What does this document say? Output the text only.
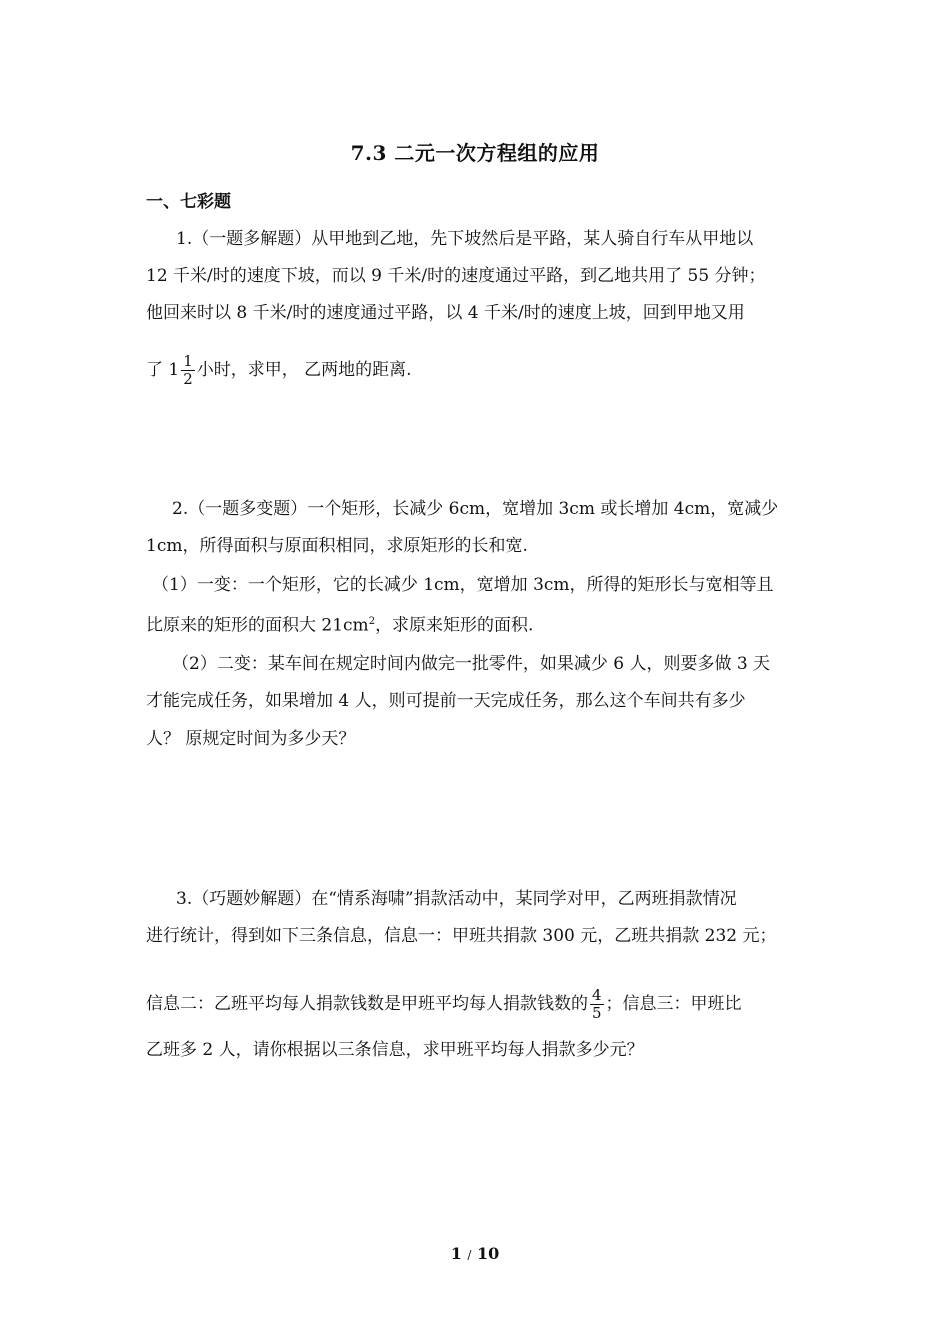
7.3 二元一次方程组的应用
一、七彩题
1.（一题多解题）从甲地到乙地，先下坡然后是平路，某人骑自行车从甲地以
12 千米/时的速度下坡，而以 9 千米/时的速度通过平路，到乙地共用了 55 分钟；
他回来时以 8 千米/时的速度通过平路，以 4 千米/时的速度上坡，回到甲地又用
了 $1 \frac{1}{2}$ 小时，求甲， 乙两地的距离.
2.（一题多变题）一个矩形，长减少 6cm，宽增加 3cm 或长增加 4cm，宽减少
1cm，所得面积与原面积相同，求原矩形的长和宽.
（1）一变：一个矩形，它的长减少 1cm，宽增加 3cm，所得的矩形长与宽相等且
比原来的矩形的面积大 $21cm^2$，求原来矩形的面积.
（2）二变：某车间在规定时间内做完一批零件，如果减少 6 人，则要多做 3 天
才能完成任务，如果增加 4 人，则可提前一天完成任务，那么这个车间共有多少
人？ 原规定时间为多少天？
3.（巧题妙解题）在“情系海啸”捐款活动中，某同学对甲，乙两班捐款情况
进行统计，得到如下三条信息，信息一：甲班共捐款 300 元，乙班共捐款 232 元；
信息二：乙班平均每人捐款钱数是甲班平均每人捐款钱数的 $\frac{4}{5}$ ；信息三：甲班比
乙班多 2 人，请你根据以三条信息，求甲班平均每人捐款多少元？
1 / 10
